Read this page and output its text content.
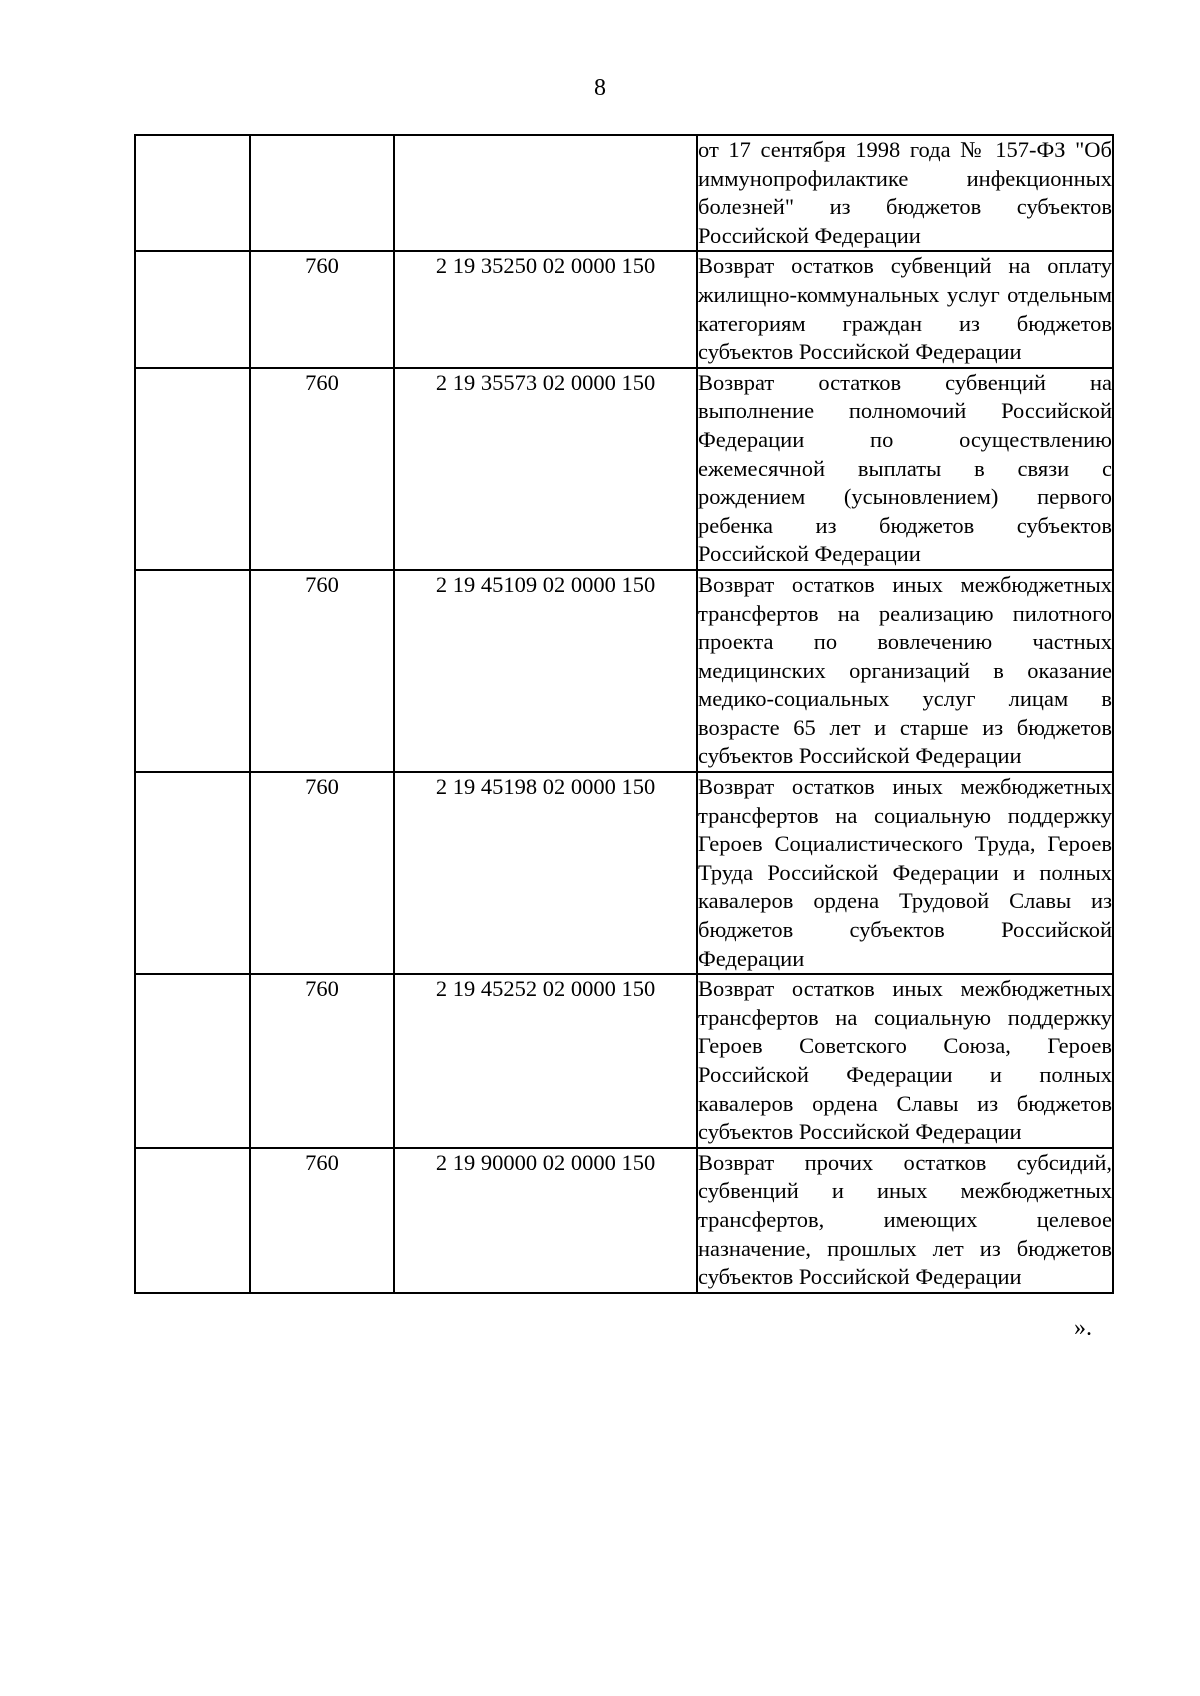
8
			от 17 сентября 1998 года № 157-ФЗ "Об иммунопрофилактике инфекционных болезней" из бюджетов субъектов Российской Федерации
	760	2 19 35250 02 0000 150	Возврат остатков субвенций на оплату жилищно-коммунальных услуг отдельным категориям граждан из бюджетов субъектов Российской Федерации
	760	2 19 35573 02 0000 150	Возврат остатков субвенций на выполнение полномочий Российской Федерации по осуществлению ежемесячной выплаты в связи с рождением (усыновлением) первого ребенка из бюджетов субъектов Российской Федерации
	760	2 19 45109 02 0000 150	Возврат остатков иных межбюджетных трансфертов на реализацию пилотного проекта по вовлечению частных медицинских организаций в оказание медико-социальных услуг лицам в возрасте 65 лет и старше из бюджетов субъектов Российской Федерации
	760	2 19 45198 02 0000 150	Возврат остатков иных межбюджетных трансфертов на социальную поддержку Героев Социалистического Труда, Героев Труда Российской Федерации и полных кавалеров ордена Трудовой Славы из бюджетов субъектов Российской Федерации
	760	2 19 45252 02 0000 150	Возврат остатков иных межбюджетных трансфертов на социальную поддержку Героев Советского Союза, Героев Российской Федерации и полных кавалеров ордена Славы из бюджетов субъектов Российской Федерации
	760	2 19 90000 02 0000 150	Возврат прочих остатков субсидий, субвенций и иных межбюджетных трансфертов, имеющих целевое назначение, прошлых лет из бюджетов субъектов Российской Федерации
».
